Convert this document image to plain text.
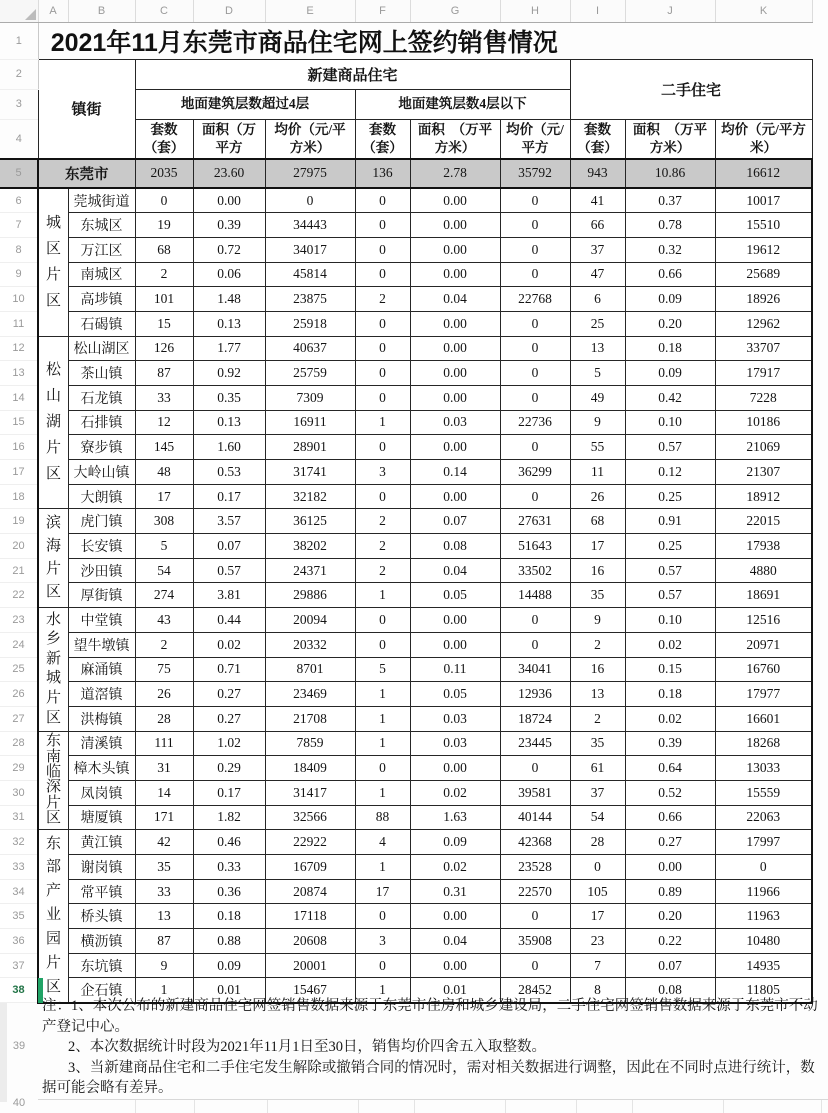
	A	B	C	D	E	F	G	H	I	J	K
1	2021年11月东莞市商品住宅网上签约销售情况										
2	镇街		新建商品住宅						二手住宅		
3			地面建筑层数超过4层			地面建筑层数4层以下					
4			套数（套）	面积（万平方	均价（元/平方米）	套数（套）	面积　（万平方米）	均价（元/平方	套数（套）	面积　（万平方米）	均价（元/平方米）
5	东莞市		2035	23.60	27975	136	2.78	35792	943	10.86	16612
6	城区片区	莞城街道	0	0.00	0	0	0.00	0	41	0.37	10017
7		东城区	19	0.39	34443	0	0.00	0	66	0.78	15510
8		万江区	68	0.72	34017	0	0.00	0	37	0.32	19612
9		南城区	2	0.06	45814	0	0.00	0	47	0.66	25689
10		高埗镇	101	1.48	23875	2	0.04	22768	6	0.09	18926
11		石碣镇	15	0.13	25918	0	0.00	0	25	0.20	12962
12	松山湖片区	松山湖区	126	1.77	40637	0	0.00	0	13	0.18	33707
13		茶山镇	87	0.92	25759	0	0.00	0	5	0.09	17917
14		石龙镇	33	0.35	7309	0	0.00	0	49	0.42	7228
15		石排镇	12	0.13	16911	1	0.03	22736	9	0.10	10186
16		寮步镇	145	1.60	28901	0	0.00	0	55	0.57	21069
17		大岭山镇	48	0.53	31741	3	0.14	36299	11	0.12	21307
18		大朗镇	17	0.17	32182	0	0.00	0	26	0.25	18912
19	滨海片区	虎门镇	308	3.57	36125	2	0.07	27631	68	0.91	22015
20		长安镇	5	0.07	38202	2	0.08	51643	17	0.25	17938
21		沙田镇	54	0.57	24371	2	0.04	33502	16	0.57	4880
22		厚街镇	274	3.81	29886	1	0.05	14488	35	0.57	18691
23	水乡新城片区	中堂镇	43	0.44	20094	0	0.00	0	9	0.10	12516
24		望牛墩镇	2	0.02	20332	0	0.00	0	2	0.02	20971
25		麻涌镇	75	0.71	8701	5	0.11	34041	16	0.15	16760
26		道滘镇	26	0.27	23469	1	0.05	12936	13	0.18	17977
27		洪梅镇	28	0.27	21708	1	0.03	18724	2	0.02	16601
28	东南临深片区	清溪镇	111	1.02	7859	1	0.03	23445	35	0.39	18268
29		樟木头镇	31	0.29	18409	0	0.00	0	61	0.64	13033
30		凤岗镇	14	0.17	31417	1	0.02	39581	37	0.52	15559
31		塘厦镇	171	1.82	32566	88	1.63	40144	54	0.66	22063
32	东部产业园片区	黄江镇	42	0.46	22922	4	0.09	42368	28	0.27	17997
33		谢岗镇	35	0.33	16709	1	0.02	23528	0	0.00	0
34		常平镇	33	0.36	20874	17	0.31	22570	105	0.89	11966
35		桥头镇	13	0.18	17118	0	0.00	0	17	0.20	11963
36		横沥镇	87	0.88	20608	3	0.04	35908	23	0.22	10480
37		东坑镇	9	0.09	20001	0	0.00	0	7	0.07	14935
38		企石镇	1	0.01	15467	1	0.01	28452	8	0.08	11805

注：1、本次公布的新建商品住宅网签销售数据来源于东莞市住房和城乡建设局，二手住宅网签销售数据来源于东莞市不动产登记中心。

2、本次数据统计时段为2021年11月1日至30日，销售均价四舍五入取整数。

3、当新建商品住宅和二手住宅发生解除或撤销合同的情况时，需对相关数据进行调整，因此在不同时点进行统计，数据可能会略有差异。

39
40
